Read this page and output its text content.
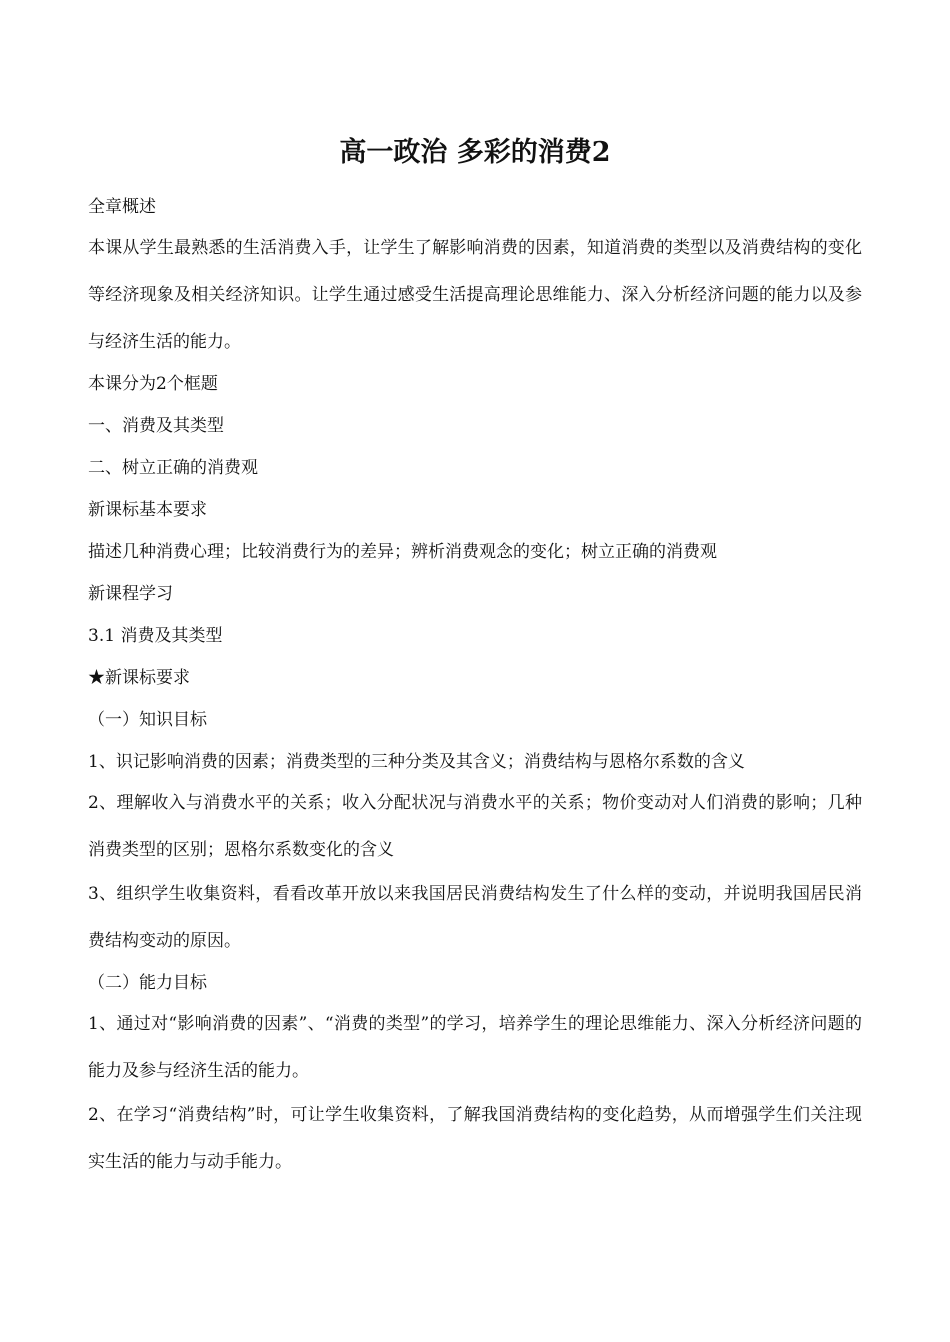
高一政治 多彩的消费2

全章概述

本课从学生最熟悉的生活消费入手，让学生了解影响消费的因素，知道消费的类型以及消费结构的变化等经济现象及相关经济知识。让学生通过感受生活提高理论思维能力、深入分析经济问题的能力以及参与经济生活的能力。

本课分为2个框题

一、消费及其类型

二、树立正确的消费观

新课标基本要求

描述几种消费心理；比较消费行为的差异；辨析消费观念的变化；树立正确的消费观

新课程学习

3.1 消费及其类型

★新课标要求

（一）知识目标

1、识记影响消费的因素；消费类型的三种分类及其含义；消费结构与恩格尔系数的含义

2、理解收入与消费水平的关系；收入分配状况与消费水平的关系；物价变动对人们消费的影响；几种消费类型的区别；恩格尔系数变化的含义

3、组织学生收集资料，看看改革开放以来我国居民消费结构发生了什么样的变动，并说明我国居民消费结构变动的原因。

（二）能力目标

1、通过对“影响消费的因素”、“消费的类型”的学习，培养学生的理论思维能力、深入分析经济问题的能力及参与经济生活的能力。

2、在学习“消费结构”时，可让学生收集资料，了解我国消费结构的变化趋势，从而增强学生们关注现实生活的能力与动手能力。
